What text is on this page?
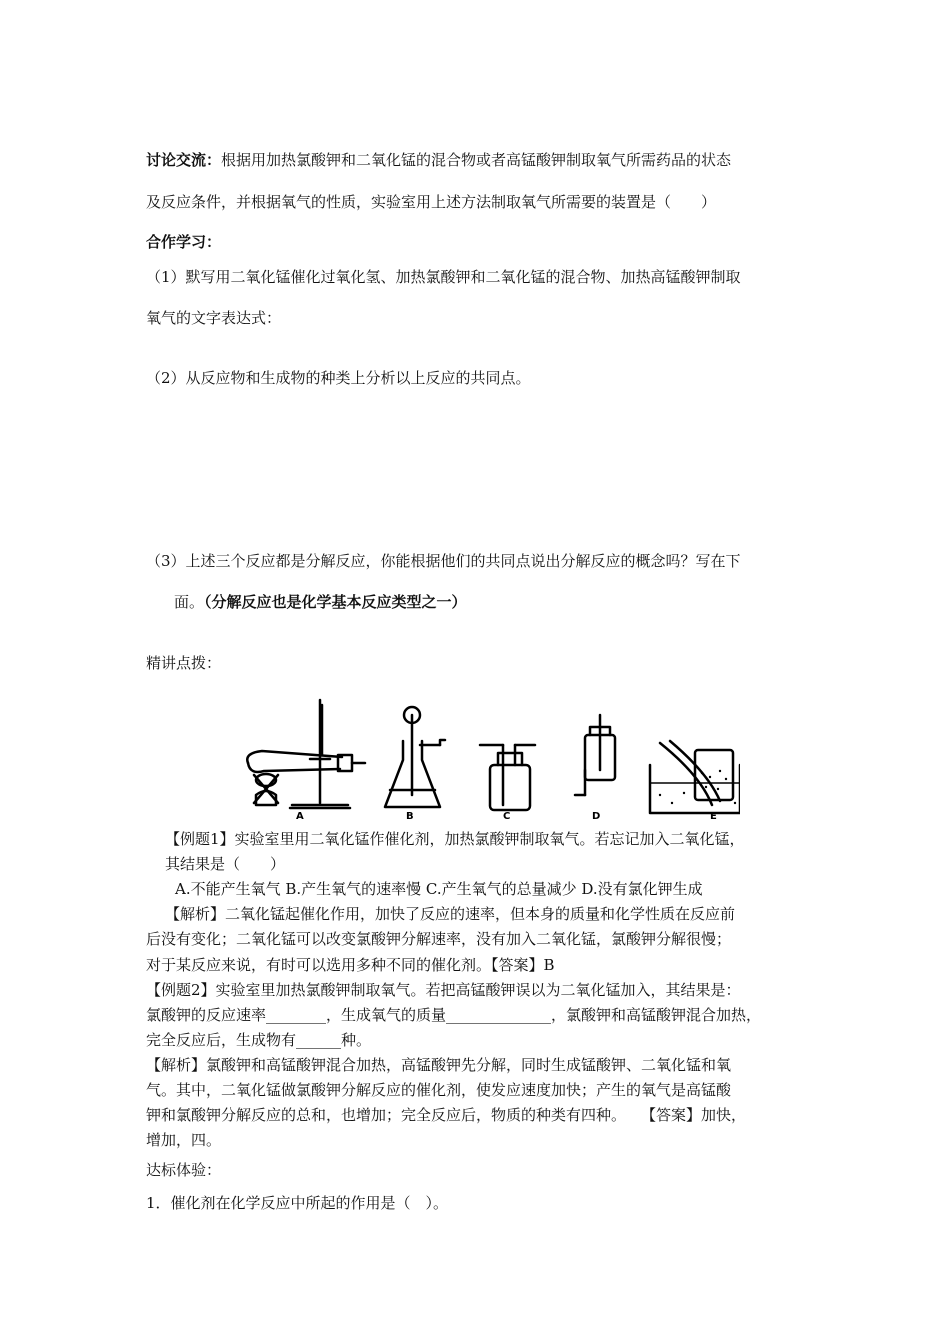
讨论交流：根据用加热氯酸钾和二氧化锰的混合物或者高锰酸钾制取氧气所需药品的状态
及反应条件，并根据氧气的性质，实验室用上述方法制取氧气所需要的装置是（　　）
合作学习：
（1）默写用二氧化锰催化过氧化氢、加热氯酸钾和二氧化锰的混合物、加热高锰酸钾制取
氧气的文字表达式：
（2）从反应物和生成物的种类上分析以上反应的共同点。
（3）上述三个反应都是分解反应，你能根据他们的共同点说出分解反应的概念吗？写在下
面。（分解反应也是化学基本反应类型之一）
精讲点拨：
A	B	C	D	E
【例题1】实验室里用二氧化锰作催化剂，加热氯酸钾制取氧气。若忘记加入二氧化锰，
其结果是（　　）
A.不能产生氧气 B.产生氧气的速率慢 C.产生氧气的总量减少 D.没有氯化钾生成
【解析】二氧化锰起催化作用，加快了反应的速率，但本身的质量和化学性质在反应前
后没有变化；二氧化锰可以改变氯酸钾分解速率，没有加入二氧化锰，氯酸钾分解很慢；
对于某反应来说，有时可以选用多种不同的催化剂。【答案】B
【例题2】实验室里加热氯酸钾制取氧气。若把高锰酸钾误以为二氧化锰加入，其结果是：
氯酸钾的反应速率________，生成氧气的质量______________，氯酸钾和高锰酸钾混合加热，
完全反应后，生成物有______种。
【解析】氯酸钾和高锰酸钾混合加热，高锰酸钾先分解，同时生成锰酸钾、二氧化锰和氧
气。其中，二氧化锰做氯酸钾分解反应的催化剂，使发应速度加快；产生的氧气是高锰酸
钾和氯酸钾分解反应的总和，也增加；完全反应后，物质的种类有四种。　　【答案】加快，
增加，四。
达标体验：
1．催化剂在化学反应中所起的作用是（　）。
